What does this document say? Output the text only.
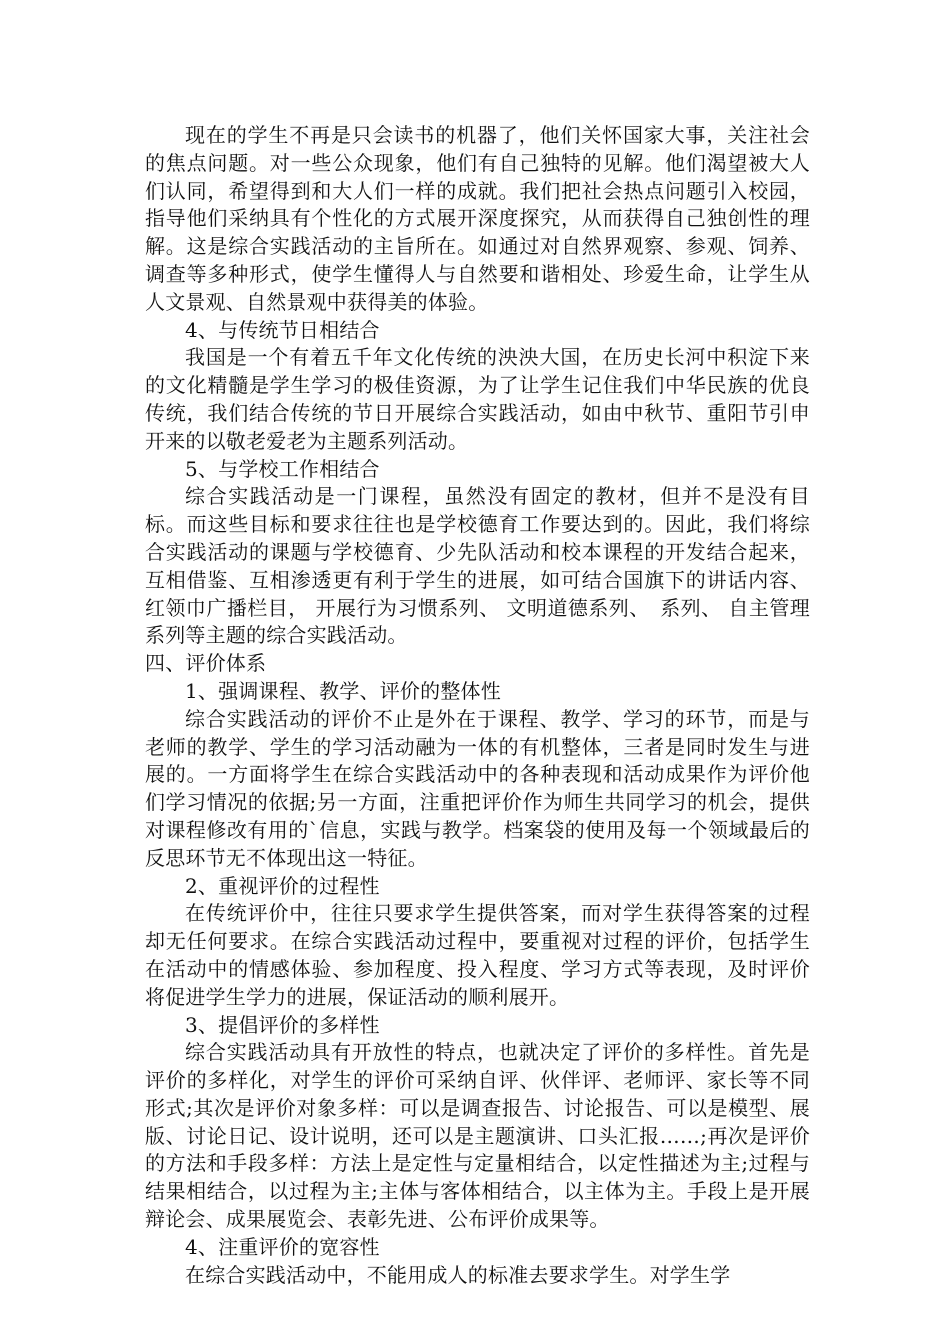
现在的学生不再是只会读书的机器了，他们关怀国家大事，关注社会的焦点问题。对一些公众现象，他们有自己独特的见解。他们渴望被大人们认同，希望得到和大人们一样的成就。我们把社会热点问题引入校园，指导他们采纳具有个性化的方式展开深度探究，从而获得自己独创性的理解。这是综合实践活动的主旨所在。如通过对自然界观察、参观、饲养、调查等多种形式，使学生懂得人与自然要和谐相处、珍爱生命，让学生从人文景观、自然景观中获得美的体验。

4、与传统节日相结合

我国是一个有着五千年文化传统的泱泱大国，在历史长河中积淀下来的文化精髓是学生学习的极佳资源，为了让学生记住我们中华民族的优良传统，我们结合传统的节日开展综合实践活动，如由中秋节、重阳节引申开来的以敬老爱老为主题系列活动。

5、与学校工作相结合

综合实践活动是一门课程，虽然没有固定的教材，但并不是没有目标。而这些目标和要求往往也是学校德育工作要达到的。因此，我们将综合实践活动的课题与学校德育、少先队活动和校本课程的开发结合起来，互相借鉴、互相渗透更有利于学生的进展，如可结合国旗下的讲话内容、红领巾广播栏目， 开展行为习惯系列、 文明道德系列、　系列、 自主管理系列等主题的综合实践活动。

四、评价体系

1、强调课程、教学、评价的整体性

综合实践活动的评价不止是外在于课程、教学、学习的环节，而是与老师的教学、学生的学习活动融为一体的有机整体，三者是同时发生与进展的。一方面将学生在综合实践活动中的各种表现和活动成果作为评价他们学习情况的依据;另一方面，注重把评价作为师生共同学习的机会，提供对课程修改有用的`信息，实践与教学。档案袋的使用及每一个领域最后的反思环节无不体现出这一特征。

2、重视评价的过程性

在传统评价中，往往只要求学生提供答案，而对学生获得答案的过程却无任何要求。在综合实践活动过程中，要重视对过程的评价，包括学生在活动中的情感体验、参加程度、投入程度、学习方式等表现，及时评价将促进学生学力的进展，保证活动的顺利展开。

3、提倡评价的多样性

综合实践活动具有开放性的特点，也就决定了评价的多样性。首先是评价的多样化，对学生的评价可采纳自评、伙伴评、老师评、家长等不同形式;其次是评价对象多样：可以是调查报告、讨论报告、可以是模型、展版、讨论日记、设计说明，还可以是主题演讲、口头汇报……;再次是评价的方法和手段多样：方法上是定性与定量相结合，以定性描述为主;过程与结果相结合，以过程为主;主体与客体相结合，以主体为主。手段上是开展辩论会、成果展览会、表彰先进、公布评价成果等。

4、注重评价的宽容性

在综合实践活动中，不能用成人的标准去要求学生。对学生学
